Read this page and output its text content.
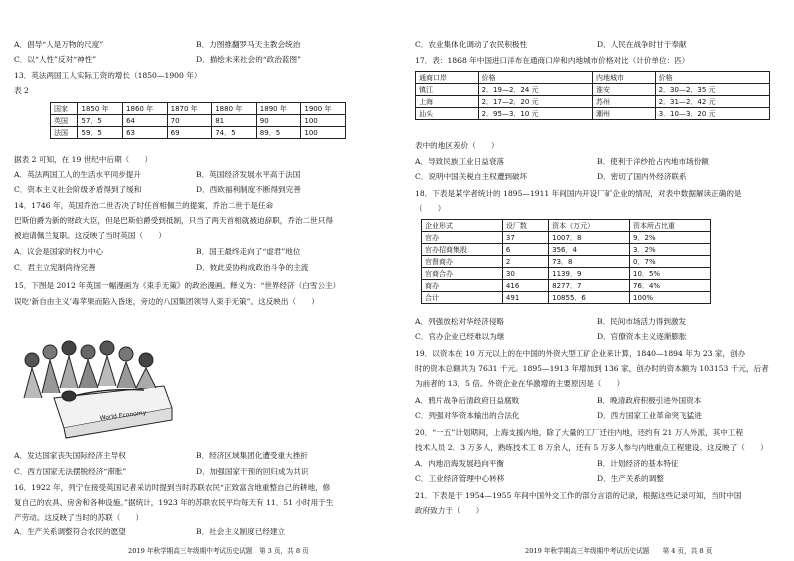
A．倡导“人是万物的尺度”	B．力图推翻罗马天主教会统治
C．以“人性”反对“神性”	D．描绘未来社会的“政治蓝图”
13．英法两国工人实际工资的增长（1850—1900 年）
表 2
国家	1850 年	1860 年	1870 年	1880 年	1890 年	1900 年
英国	57．5	64	70	81	90	100
法国	59．5	63	69	74．5	89．5	100
据表 2 可知，在 19 世纪中后期（　　）
A．英法两国工人的生活水平同步提升	B．英国经济发展水平高于法国
C．资本主义社会阶级矛盾得到了缓和	D．西欧福利制度不断得到完善
14．1746 年，英国乔治二世否决了时任首相佩兰的提案，乔治二世于是任命
巴斯伯爵为新的财政大臣，但是巴斯伯爵受到抵制，只当了两天首相就被迫辞职，乔治二世只得
被迫请佩兰复职。这反映了当时英国（　　）
A．议会是国家的权力中心	B．国王最终走向了“虚君”地位
C．君主立宪制尚待完善	D．彼此妥协构成政治斗争的主流
15．下图是 2012 年英国一幅漫画为《束手无策》的政治漫画。释义为：“世界经济（白雪公主）
误吃‘新自由主义’毒苹果而陷入昏迷，旁边的八国集团领导人束手无策”。这反映出（　　）
World Economy
A．发达国家丧失国际经济主导权	B．经济区域集团化遭受重大挫折
C．西方国家无法摆脱经济“滞胀”	D．加强国家干预的回归成为共识
16．1922 年，列宁在接受英国记者采访时提到当时苏联农民“正致富含地重整自己的耕地，修
复自己的农具、房舍和各种设施。”据统计，1923 年的苏联农民平均每天有 11．51 小时用于生
产劳动。这反映了当时的苏联（　　）
A．生产关系调整符合农民的愿望	B．社会主义制度已经建立
2019 年秋学期高三年级期中考试历史试题　第 3 页，共 8 页
C．农业集体化调动了农民积极性	D．人民在战争时甘于奉献
17．表：1868 年中国进口洋布在通商口岸和内地城市价格对比（计价单位：匹）
通商口岸	价格	内地城市	价格
镇江	2．19—2．24 元	淮安	2．30—2．35 元
上海	2．17—2．20 元	苏州	2．31—2．42 元
汕头	2．95—3．10 元	潮州	3．10—3．20 元
表中的地区差价（　　）
A．导致民族工业日益衰落	B．使利于洋纱抢占内地市场份额
C．说明中国关税自主权遭到破坏	D．密切了国内外经济联系
18．下表是某学者统计的 1895—1911 年间国内开设厂矿企业的情况，对表中数据解读正确的是
（　　）
企业形式	设厂数	资本（万元）	资本所占比重
官办	37	1007．8	9．2%
官办招商集股	6	356．4	3．2%
官督商办	2	73．8	0．7%
官商合办	30	1139．9	10．5%
商办	416	8277．7	76．4%
合计	491	10855．6	100%
A．列强放松对华经济侵略	B．民间市场活力得到激发
C．官办企业已经难以为继	D．官僚资本主义逐渐膨胀
19．以资本在 10 万元以上的在中国的外资大型工矿企业来计算，1840—1894 年为 23 家，创办
时的资本总额共为 7631 千元。1895—1913 年增加到 136 家，创办时的资本额为 103153 千元，后者
为前者的 13．5 倍。外资企业在华激增的主要原因是（　　）
A．鸦片战争后清政府日益腐败	B．晚清政府积极引进外国资本
C．列强对华资本输出的合法化	D．西方国家工业革命突飞猛进
20．“一五”计划期间，上海支援内地，除了大量的工厂迁往内地，还约有 21 万人外派，其中工程
技术人员 2．3 万多人，熟练技术工 8 万余人，还有 5 万多人参与内地重点工程建设。这反映了（　　）
A．内地沿海发展趋向平衡	B．计划经济的基本特征
C．工业经济管理中心转移	D．生产关系的调整
21．下表是于 1954—1955 年间中国外交工作的部分言语的记录，根据这些记录可知，当时中国
政府致力于（　　）
2019 年秋学期高三年级期中考试历史试题　　第 4 页，共 8 页
